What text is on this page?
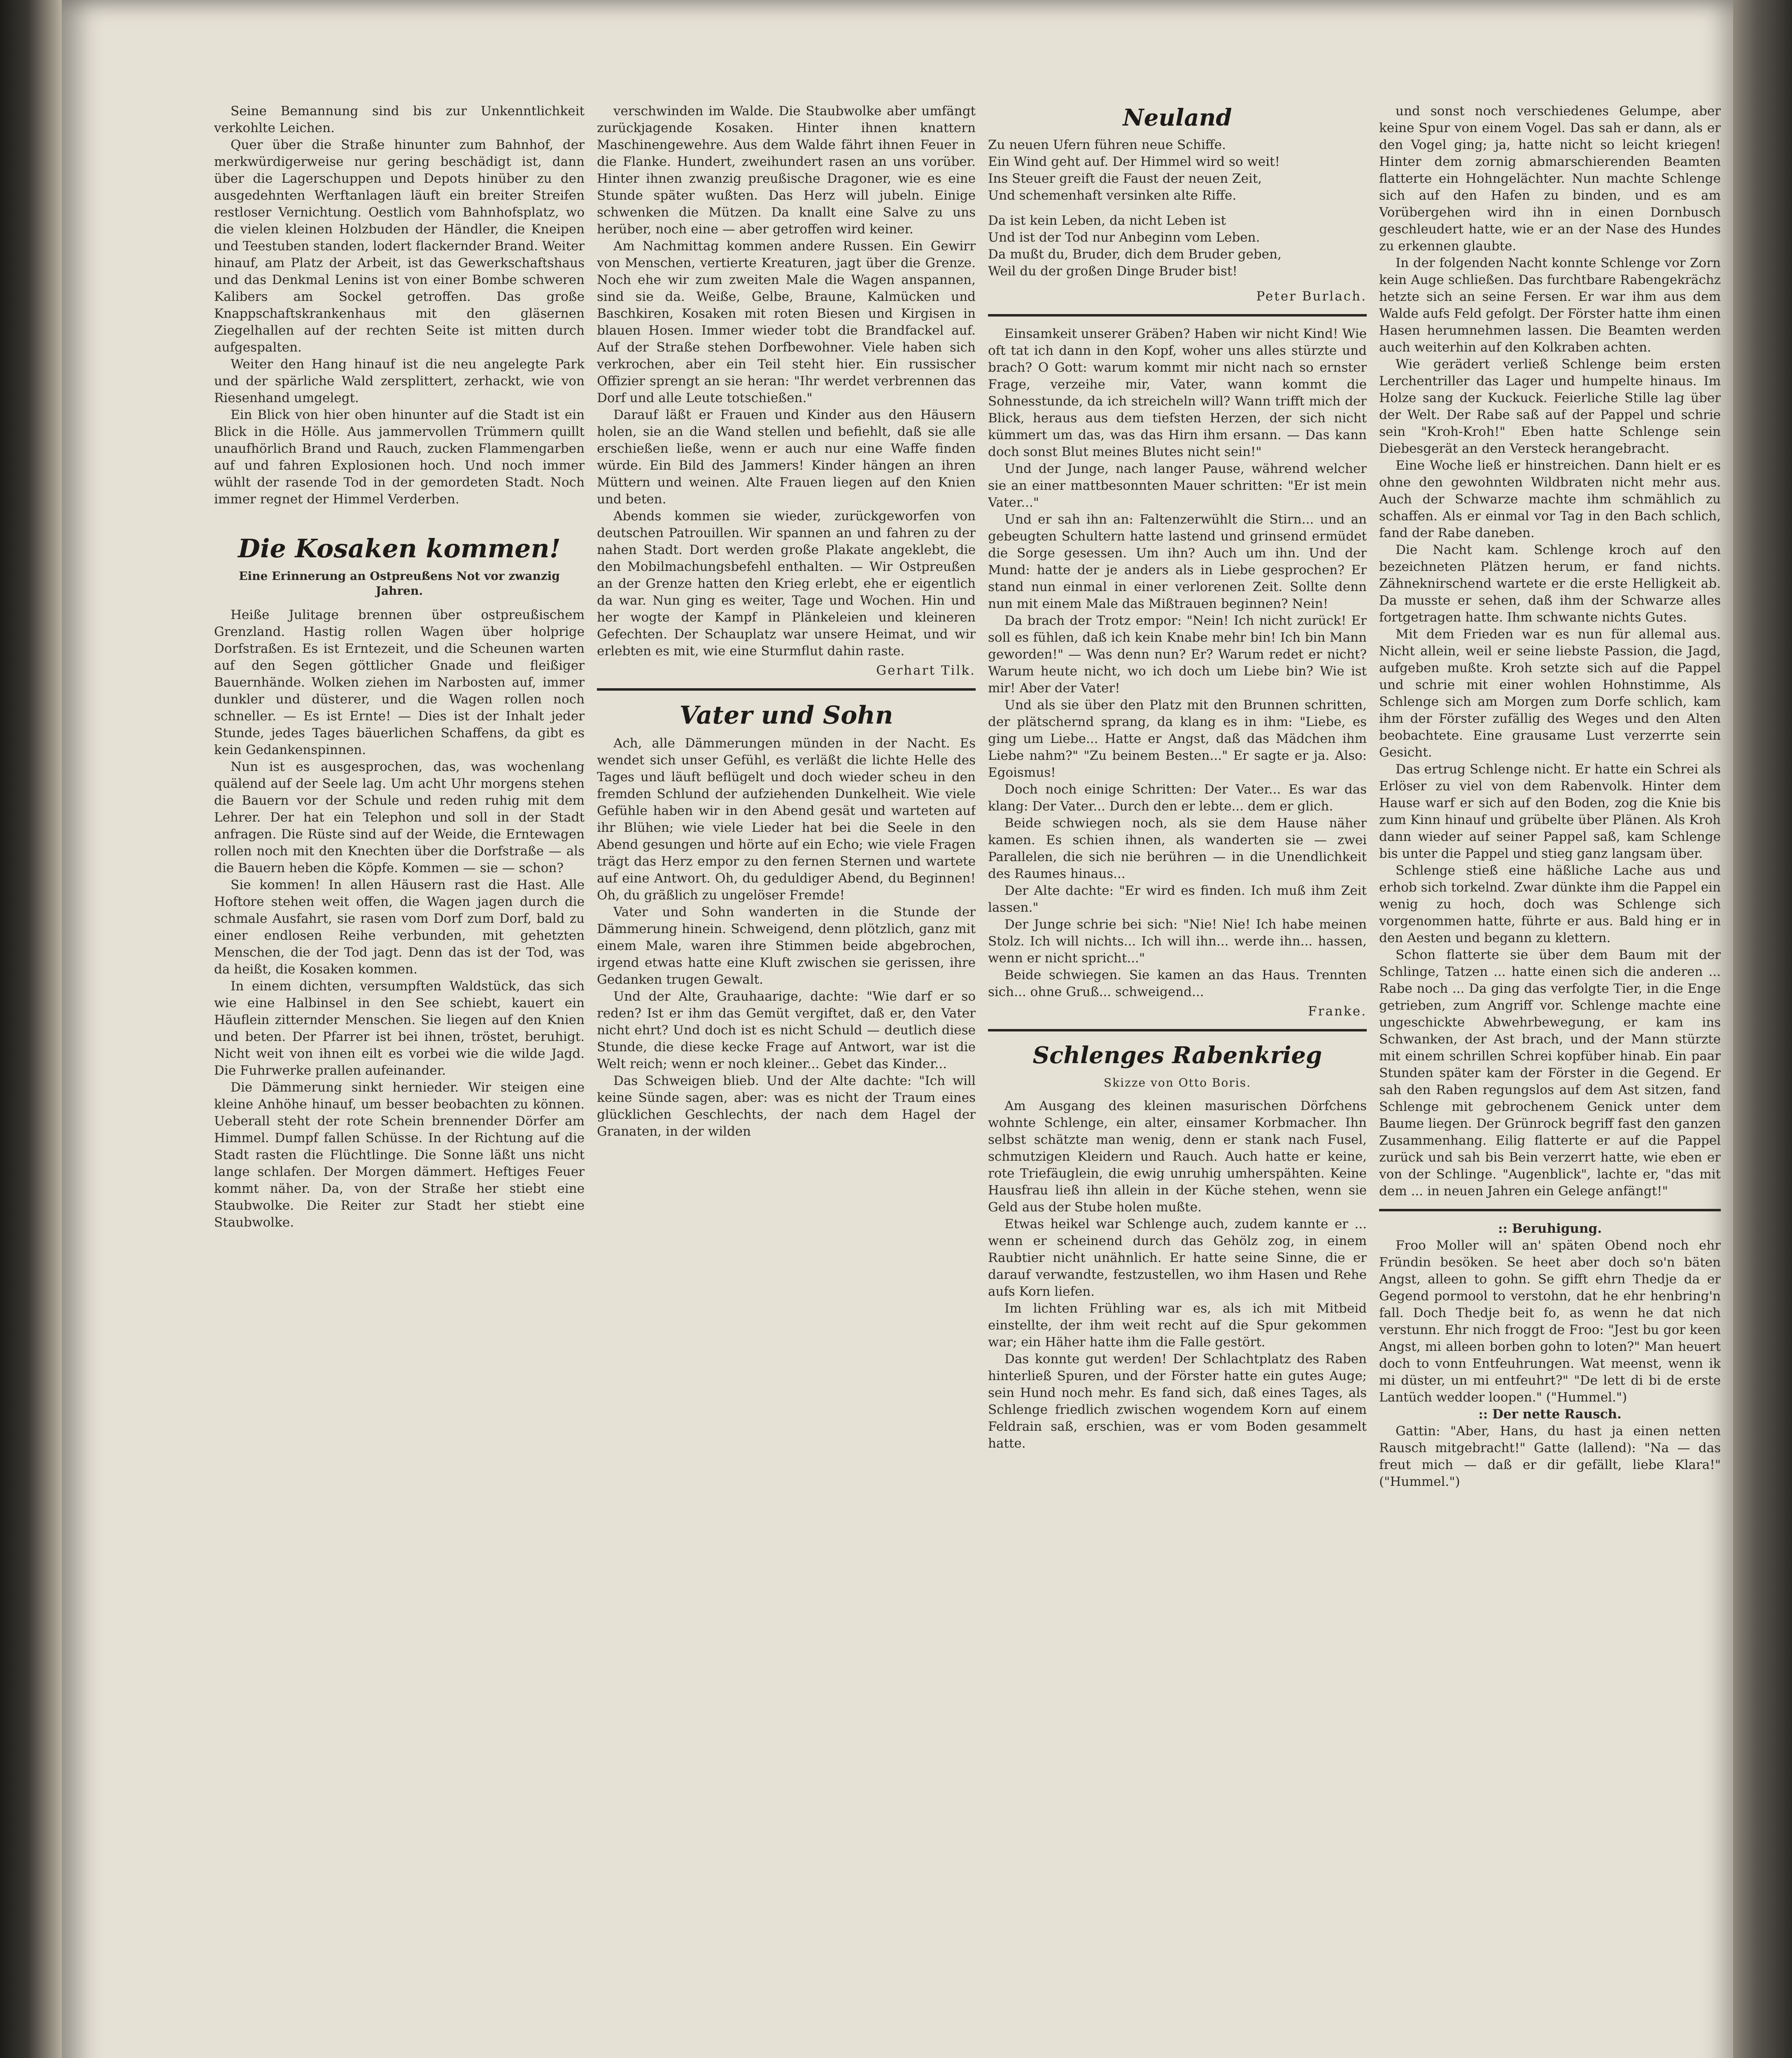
Seine Bemannung sind bis zur Unkenntlichkeit verkohlte Leichen.

Quer über die Straße hinunter zum Bahnhof, der merkwürdigerweise nur gering beschädigt ist, dann über die Lagerschuppen und Depots hinüber zu den ausgedehnten Werftanlagen läuft ein breiter Streifen restloser Vernichtung. Oestlich vom Bahnhofsplatz, wo die vielen kleinen Holzbuden der Händler, die Kneipen und Teestuben standen, lodert flackernder Brand. Weiter hinauf, am Platz der Arbeit, ist das Gewerkschaftshaus und das Denkmal Lenins ist von einer Bombe schweren Kalibers am Sockel getroffen. Das große Knappschaftskrankenhaus mit den gläsernen Ziegelhallen auf der rechten Seite ist mitten durch aufgespalten.

Weiter den Hang hinauf ist die neu angelegte Park und der spärliche Wald zersplittert, zerhackt, wie von Riesenhand umgelegt.

Ein Blick von hier oben hinunter auf die Stadt ist ein Blick in die Hölle. Aus jammervollen Trümmern quillt unaufhörlich Brand und Rauch, zucken Flammengarben auf und fahren Explosionen hoch. Und noch immer wühlt der rasende Tod in der gemordeten Stadt. Noch immer regnet der Himmel Verderben.

Die Kosaken kommen!
Eine Erinnerung an Ostpreußens Not vor zwanzig Jahren.

Heiße Julitage brennen über ostpreußischem Grenzland. Hastig rollen Wagen über holprige Dorfstraßen. Es ist Erntezeit, und die Scheunen warten auf den Segen göttlicher Gnade und fleißiger Bauernhände. Wolken ziehen im Narbosten auf, immer dunkler und düsterer, und die Wagen rollen noch schneller. — Es ist Ernte! — Dies ist der Inhalt jeder Stunde, jedes Tages bäuerlichen Schaffens, da gibt es kein Gedankenspinnen.

Nun ist es ausgesprochen, das, was wochenlang quälend auf der Seele lag. Um acht Uhr morgens stehen die Bauern vor der Schule und reden ruhig mit dem Lehrer. Der hat ein Telephon und soll in der Stadt anfragen. Die Rüste sind auf der Weide, die Erntewagen rollen noch mit den Knechten über die Dorfstraße — als die Bauern heben die Köpfe. Kommen — sie — schon?

Sie kommen! In allen Häusern rast die Hast. Alle Hoftore stehen weit offen, die Wagen jagen durch die schmale Ausfahrt, sie rasen vom Dorf zum Dorf, bald zu einer endlosen Reihe verbunden, mit gehetzten Menschen, die der Tod jagt. Denn das ist der Tod, was da heißt, die Kosaken kommen.

In einem dichten, versumpften Waldstück, das sich wie eine Halbinsel in den See schiebt, kauert ein Häuflein zitternder Menschen. Sie liegen auf den Knien und beten. Der Pfarrer ist bei ihnen, tröstet, beruhigt. Nicht weit von ihnen eilt es vorbei wie die wilde Jagd. Die Fuhrwerke prallen aufeinander.

Die Dämmerung sinkt hernieder. Wir steigen eine kleine Anhöhe hinauf, um besser beobachten zu können. Ueberall steht der rote Schein brennender Dörfer am Himmel. Dumpf fallen Schüsse. In der Richtung auf die Stadt rasten die Flüchtlinge. Die Sonne läßt uns nicht lange schlafen. Der Morgen dämmert. Heftiges Feuer kommt näher. Da, von der Straße her stiebt eine Staubwolke. Die Reiter zur Stadt her stiebt eine Staubwolke.

verschwinden im Walde. Die Staubwolke aber umfängt zurückjagende Kosaken. Hinter ihnen knattern Maschinengewehre. Aus dem Walde fährt ihnen Feuer in die Flanke. Hundert, zweihundert rasen an uns vorüber. Hinter ihnen zwanzig preußische Dragoner, wie es eine Stunde später wußten. Das Herz will jubeln. Einige schwenken die Mützen. Da knallt eine Salve zu uns herüber, noch eine — aber getroffen wird keiner.

Am Nachmittag kommen andere Russen. Ein Gewirr von Menschen, vertierte Kreaturen, jagt über die Grenze. Noch ehe wir zum zweiten Male die Wagen anspannen, sind sie da. Weiße, Gelbe, Braune, Kalmücken und Baschkiren, Kosaken mit roten Biesen und Kirgisen in blauen Hosen. Immer wieder tobt die Brandfackel auf. Auf der Straße stehen Dorfbewohner. Viele haben sich verkrochen, aber ein Teil steht hier. Ein russischer Offizier sprengt an sie heran: "Ihr werdet verbrennen das Dorf und alle Leute totschießen."

Darauf läßt er Frauen und Kinder aus den Häusern holen, sie an die Wand stellen und befiehlt, daß sie alle erschießen ließe, wenn er auch nur eine Waffe finden würde. Ein Bild des Jammers! Kinder hängen an ihren Müttern und weinen. Alte Frauen liegen auf den Knien und beten.

Abends kommen sie wieder, zurückgeworfen von deutschen Patrouillen. Wir spannen an und fahren zu der nahen Stadt. Dort werden große Plakate angeklebt, die den Mobilmachungsbefehl enthalten. — Wir Ostpreußen an der Grenze hatten den Krieg erlebt, ehe er eigentlich da war. Nun ging es weiter, Tage und Wochen. Hin und her wogte der Kampf in Plänkeleien und kleineren Gefechten. Der Schauplatz war unsere Heimat, und wir erlebten es mit, wie eine Sturmflut dahin raste.

Gerhart Tilk.
Vater und Sohn

Ach, alle Dämmerungen münden in der Nacht. Es wendet sich unser Gefühl, es verläßt die lichte Helle des Tages und läuft beflügelt und doch wieder scheu in den fremden Schlund der aufziehenden Dunkelheit. Wie viele Gefühle haben wir in den Abend gesät und warteten auf ihr Blühen; wie viele Lieder hat bei die Seele in den Abend gesungen und hörte auf ein Echo; wie viele Fragen trägt das Herz empor zu den fernen Sternen und wartete auf eine Antwort. Oh, du geduldiger Abend, du Beginnen! Oh, du gräßlich zu ungelöser Fremde!

Vater und Sohn wanderten in die Stunde der Dämmerung hinein. Schweigend, denn plötzlich, ganz mit einem Male, waren ihre Stimmen beide abgebrochen, irgend etwas hatte eine Kluft zwischen sie gerissen, ihre Gedanken trugen Gewalt.

Und der Alte, Grauhaarige, dachte: "Wie darf er so reden? Ist er ihm das Gemüt vergiftet, daß er, den Vater nicht ehrt? Und doch ist es nicht Schuld — deutlich diese Stunde, die diese kecke Frage auf Antwort, war ist die Welt reich; wenn er noch kleiner... Gebet das Kinder...

Das Schweigen blieb. Und der Alte dachte: "Ich will keine Sünde sagen, aber: was es nicht der Traum eines glücklichen Geschlechts, der nach dem Hagel der Granaten, in der wilden

Neuland

Zu neuen Ufern führen neue Schiffe.
Ein Wind geht auf. Der Himmel wird so weit!
Ins Steuer greift die Faust der neuen Zeit,
Und schemenhaft versinken alte Riffe.

Da ist kein Leben, da nicht Leben ist
Und ist der Tod nur Anbeginn vom Leben.
Da mußt du, Bruder, dich dem Bruder geben,
Weil du der großen Dinge Bruder bist!

Peter Burlach.

Einsamkeit unserer Gräben? Haben wir nicht Kind! Wie oft tat ich dann in den Kopf, woher uns alles stürzte und brach? O Gott: warum kommt mir nicht nach so ernster Frage, verzeihe mir, Vater, wann kommt die Sohnesstunde, da ich streicheln will? Wann trifft mich der Blick, heraus aus dem tiefsten Herzen, der sich nicht kümmert um das, was das Hirn ihm ersann. — Das kann doch sonst Blut meines Blutes nicht sein!"

Und der Junge, nach langer Pause, während welcher sie an einer mattbesonnten Mauer schritten: "Er ist mein Vater..."

Und er sah ihn an: Faltenzerwühlt die Stirn... und an gebeugten Schultern hatte lastend und grinsend ermüdet die Sorge gesessen. Um ihn? Auch um ihn. Und der Mund: hatte der je anders als in Liebe gesprochen? Er stand nun einmal in einer verlorenen Zeit. Sollte denn nun mit einem Male das Mißtrauen beginnen? Nein!

Da brach der Trotz empor: "Nein! Ich nicht zurück! Er soll es fühlen, daß ich kein Knabe mehr bin! Ich bin Mann geworden!" — Was denn nun? Er? Warum redet er nicht? Warum heute nicht, wo ich doch um Liebe bin? Wie ist mir! Aber der Vater!

Und als sie über den Platz mit den Brunnen schritten, der plätschernd sprang, da klang es in ihm: "Liebe, es ging um Liebe... Hatte er Angst, daß das Mädchen ihm Liebe nahm?" "Zu beinem Besten..." Er sagte er ja. Also: Egoismus!

Doch noch einige Schritten: Der Vater... Es war das klang: Der Vater... Durch den er lebte... dem er glich.

Beide schwiegen noch, als sie dem Hause näher kamen. Es schien ihnen, als wanderten sie — zwei Parallelen, die sich nie berühren — in die Unendlichkeit des Raumes hinaus...

Der Alte dachte: "Er wird es finden. Ich muß ihm Zeit lassen."

Der Junge schrie bei sich: "Nie! Nie! Ich habe meinen Stolz. Ich will nichts... Ich will ihn... werde ihn... hassen, wenn er nicht spricht..."

Beide schwiegen. Sie kamen an das Haus. Trennten sich... ohne Gruß... schweigend...

Franke.
Schlenges Rabenkrieg
Skizze von Otto Boris.

Am Ausgang des kleinen masurischen Dörfchens wohnte Schlenge, ein alter, einsamer Korbmacher. Ihn selbst schätzte man wenig, denn er stank nach Fusel, schmutzigen Kleidern und Rauch. Auch hatte er keine, rote Triefäuglein, die ewig unruhig umherspähten. Keine Hausfrau ließ ihn allein in der Küche stehen, wenn sie Geld aus der Stube holen mußte.

Etwas heikel war Schlenge auch, zudem kannte er ... wenn er scheinend durch das Gehölz zog, in einem Raubtier nicht unähnlich. Er hatte seine Sinne, die er darauf verwandte, festzustellen, wo ihm Hasen und Rehe aufs Korn liefen.

Im lichten Frühling war es, als ich mit Mitbeid einstellte, der ihm weit recht auf die Spur gekommen war; ein Häher hatte ihm die Falle gestört.

Das konnte gut werden! Der Schlachtplatz des Raben hinterließ Spuren, und der Förster hatte ein gutes Auge; sein Hund noch mehr. Es fand sich, daß eines Tages, als Schlenge friedlich zwischen wogendem Korn auf einem Feldrain saß, erschien, was er vom Boden gesammelt hatte.

und sonst noch verschiedenes Gelumpe, aber keine Spur von einem Vogel. Das sah er dann, als er den Vogel ging; ja, hatte nicht so leicht kriegen! Hinter dem zornig abmarschierenden Beamten flatterte ein Hohngelächter. Nun machte Schlenge sich auf den Hafen zu binden, und es am Vorübergehen wird ihn in einen Dornbusch geschleudert hatte, wie er an der Nase des Hundes zu erkennen glaubte.

In der folgenden Nacht konnte Schlenge vor Zorn kein Auge schließen. Das furchtbare Rabengekrächz hetzte sich an seine Fersen. Er war ihm aus dem Walde aufs Feld gefolgt. Der Förster hatte ihm einen Hasen herumnehmen lassen. Die Beamten werden auch weiterhin auf den Kolkraben achten.

Wie gerädert verließ Schlenge beim ersten Lerchentriller das Lager und humpelte hinaus. Im Holze sang der Kuckuck. Feierliche Stille lag über der Welt. Der Rabe saß auf der Pappel und schrie sein "Kroh-Kroh!" Eben hatte Schlenge sein Diebesgerät an den Versteck herangebracht.

Eine Woche ließ er hinstreichen. Dann hielt er es ohne den gewohnten Wildbraten nicht mehr aus. Auch der Schwarze machte ihm schmählich zu schaffen. Als er einmal vor Tag in den Bach schlich, fand der Rabe daneben.

Die Nacht kam. Schlenge kroch auf den bezeichneten Plätzen herum, er fand nichts. Zähneknirschend wartete er die erste Helligkeit ab. Da musste er sehen, daß ihm der Schwarze alles fortgetragen hatte. Ihm schwante nichts Gutes.

Mit dem Frieden war es nun für allemal aus. Nicht allein, weil er seine liebste Passion, die Jagd, aufgeben mußte. Kroh setzte sich auf die Pappel und schrie mit einer wohlen Hohnstimme, Als Schlenge sich am Morgen zum Dorfe schlich, kam ihm der Förster zufällig des Weges und den Alten beobachtete. Eine grausame Lust verzerrte sein Gesicht.

Das ertrug Schlenge nicht. Er hatte ein Schrei als Erlöser zu viel von dem Rabenvolk. Hinter dem Hause warf er sich auf den Boden, zog die Knie bis zum Kinn hinauf und grübelte über Plänen. Als Kroh dann wieder auf seiner Pappel saß, kam Schlenge bis unter die Pappel und stieg ganz langsam über.

Schlenge stieß eine häßliche Lache aus und erhob sich torkelnd. Zwar dünkte ihm die Pappel ein wenig zu hoch, doch was Schlenge sich vorgenommen hatte, führte er aus. Bald hing er in den Aesten und begann zu klettern.

Schon flatterte sie über dem Baum mit der Schlinge, Tatzen ... hatte einen sich die anderen ... Rabe noch ... Da ging das verfolgte Tier, in die Enge getrieben, zum Angriff vor. Schlenge machte eine ungeschickte Abwehrbewegung, er kam ins Schwanken, der Ast brach, und der Mann stürzte mit einem schrillen Schrei kopfüber hinab. Ein paar Stunden später kam der Förster in die Gegend. Er sah den Raben regungslos auf dem Ast sitzen, fand Schlenge mit gebrochenem Genick unter dem Baume liegen. Der Grünrock begriff fast den ganzen Zusammenhang. Eilig flatterte er auf die Pappel zurück und sah bis Bein verzerrt hatte, wie eben er von der Schlinge. "Augenblick", lachte er, "das mit dem ... in neuen Jahren ein Gelege anfängt!"

:: Beruhigung.

Froo Moller will an' späten Obend noch ehr Fründin besöken. Se heet aber doch so'n bäten Angst, alleen to gohn. Se gifft ehrn Thedje da er Gegend pormool to verstohn, dat he ehr henbring'n fall. Doch Thedje beit fo, as wenn he dat nich verstunn. Ehr nich froggt de Froo: "Jest bu gor keen Angst, mi alleen borben gohn to loten?" Man heuert doch to vonn Entfeuhrungen. Wat meenst, wenn ik mi düster, un mi entfeuhrt?" "De lett di bi de erste Lantüch wedder loopen." ("Hummel.")

:: Der nette Rausch.

Gattin: "Aber, Hans, du hast ja einen netten Rausch mitgebracht!" Gatte (lallend): "Na — das freut mich — daß er dir gefällt, liebe Klara!" ("Hummel.")
